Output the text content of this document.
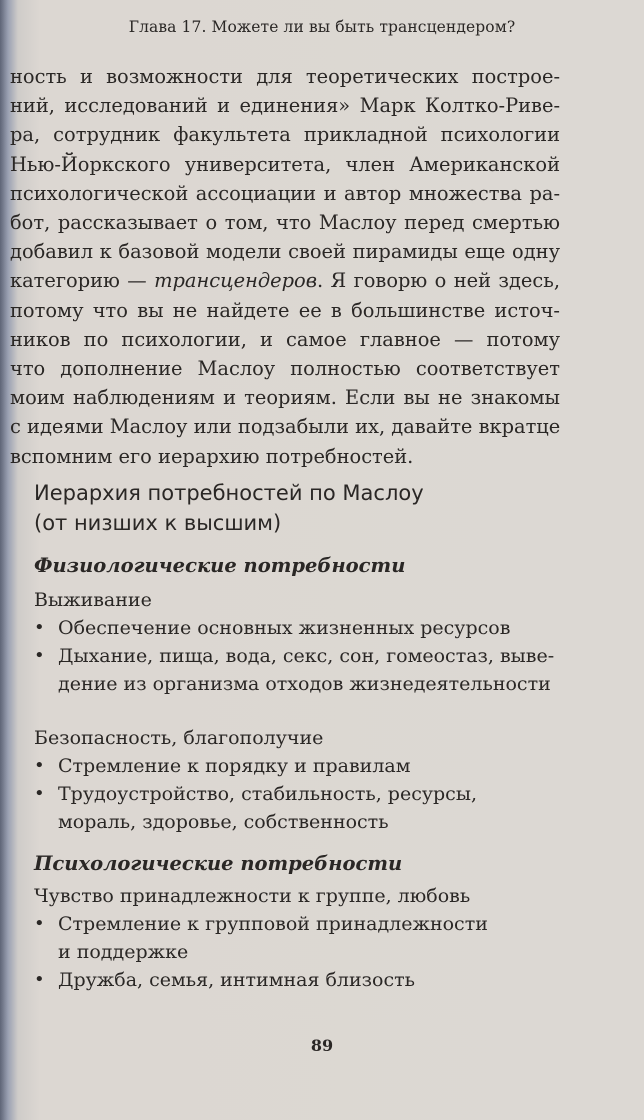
Глава 17. Можете ли вы быть трансцендером?

ность и возможности для теоретических построе-
ний, исследований и единения» Марк Колтко-Риве-
ра, сотрудник факультета прикладной психологии
Нью-Йоркского университета, член Американской
психологической ассоциации и автор множества ра-
бот, рассказывает о том, что Маслоу перед смертью
добавил к базовой модели своей пирамиды еще одну
категорию — трансцендеров. Я говорю о ней здесь,
потому что вы не найдете ее в большинстве источ-
ников по психологии, и самое главное — потому
что дополнение Маслоу полностью соответствует
моим наблюдениям и теориям. Если вы не знакомы
с идеями Маслоу или подзабыли их, давайте вкратце
вспомним его иерархию потребностей.

Иерархия потребностей по Маслоу
(от низших к высшим)
Физиологические потребности
Выживание
• Обеспечение основных жизненных ресурсов
• Дыхание, пища, вода, секс, сон, гомеостаз, выве-
дение из организма отходов жизнедеятельности
Безопасность, благополучие
• Стремление к порядку и правилам
• Трудоустройство, стабильность, ресурсы,
мораль, здоровье, собственность
Психологические потребности
Чувство принадлежности к группе, любовь
• Стремление к групповой принадлежности
и поддержке
• Дружба, семья, интимная близость
89
